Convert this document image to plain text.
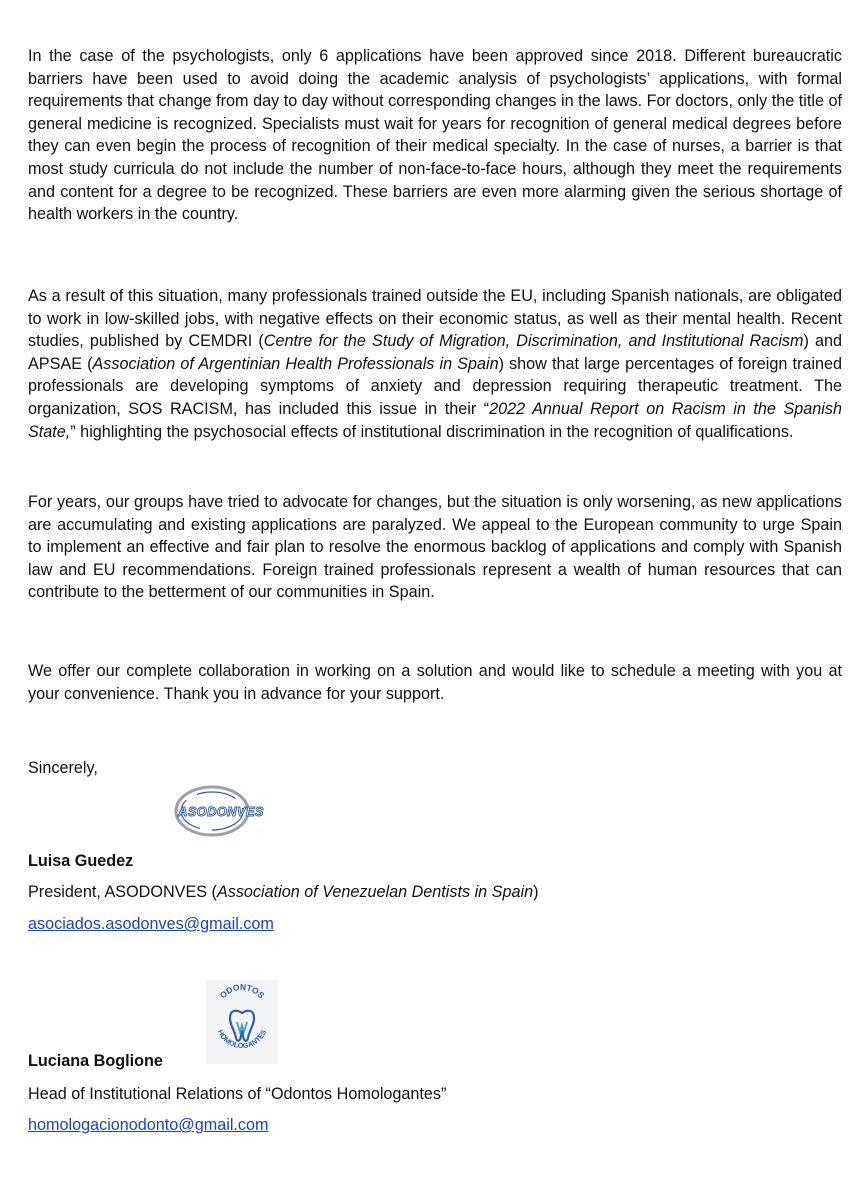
In the case of the psychologists, only 6 applications have been approved since 2018. Different bureaucratic barriers have been used to avoid doing the academic analysis of psychologists’ applications, with formal requirements that change from day to day without corresponding changes in the laws. For doctors, only the title of general medicine is recognized. Specialists must wait for years for recognition of general medical degrees before they can even begin the process of recognition of their medical specialty. In the case of nurses, a barrier is that most study curricula do not include the number of non-face-to-face hours, although they meet the requirements and content for a degree to be recognized. These barriers are even more alarming given the serious shortage of health workers in the country.

As a result of this situation, many professionals trained outside the EU, including Spanish nationals, are obligated to work in low-skilled jobs, with negative effects on their economic status, as well as their mental health. Recent studies, published by CEMDRI (Centre for the Study of Migration, Discrimination, and Institutional Racism) and APSAE (Association of Argentinian Health Professionals in Spain) show that large percentages of foreign trained professionals are developing symptoms of anxiety and depression requiring therapeutic treatment. The organization, SOS RACISM, has included this issue in their “2022 Annual Report on Racism in the Spanish State,” highlighting the psychosocial effects of institutional discrimination in the recognition of qualifications.

For years, our groups have tried to advocate for changes, but the situation is only worsening, as new applications are accumulating and existing applications are paralyzed. We appeal to the European community to urge Spain to implement an effective and fair plan to resolve the enormous backlog of applications and comply with Spanish law and EU recommendations. Foreign trained professionals represent a wealth of human resources that can contribute to the betterment of our communities in Spain.

We offer our complete collaboration in working on a solution and would like to schedule a meeting with you at your convenience. Thank you in advance for your support.

Sincerely,

ASODONVES

Luisa Guedez

President, ASODONVES (Association of Venezuelan Dentists in Spain)

asociados.asodonves@gmail.com

ODONTOS
HOMOLOGANTES

Luciana Boglione

Head of Institutional Relations of “Odontos Homologantes”

homologacionodonto@gmail.com
